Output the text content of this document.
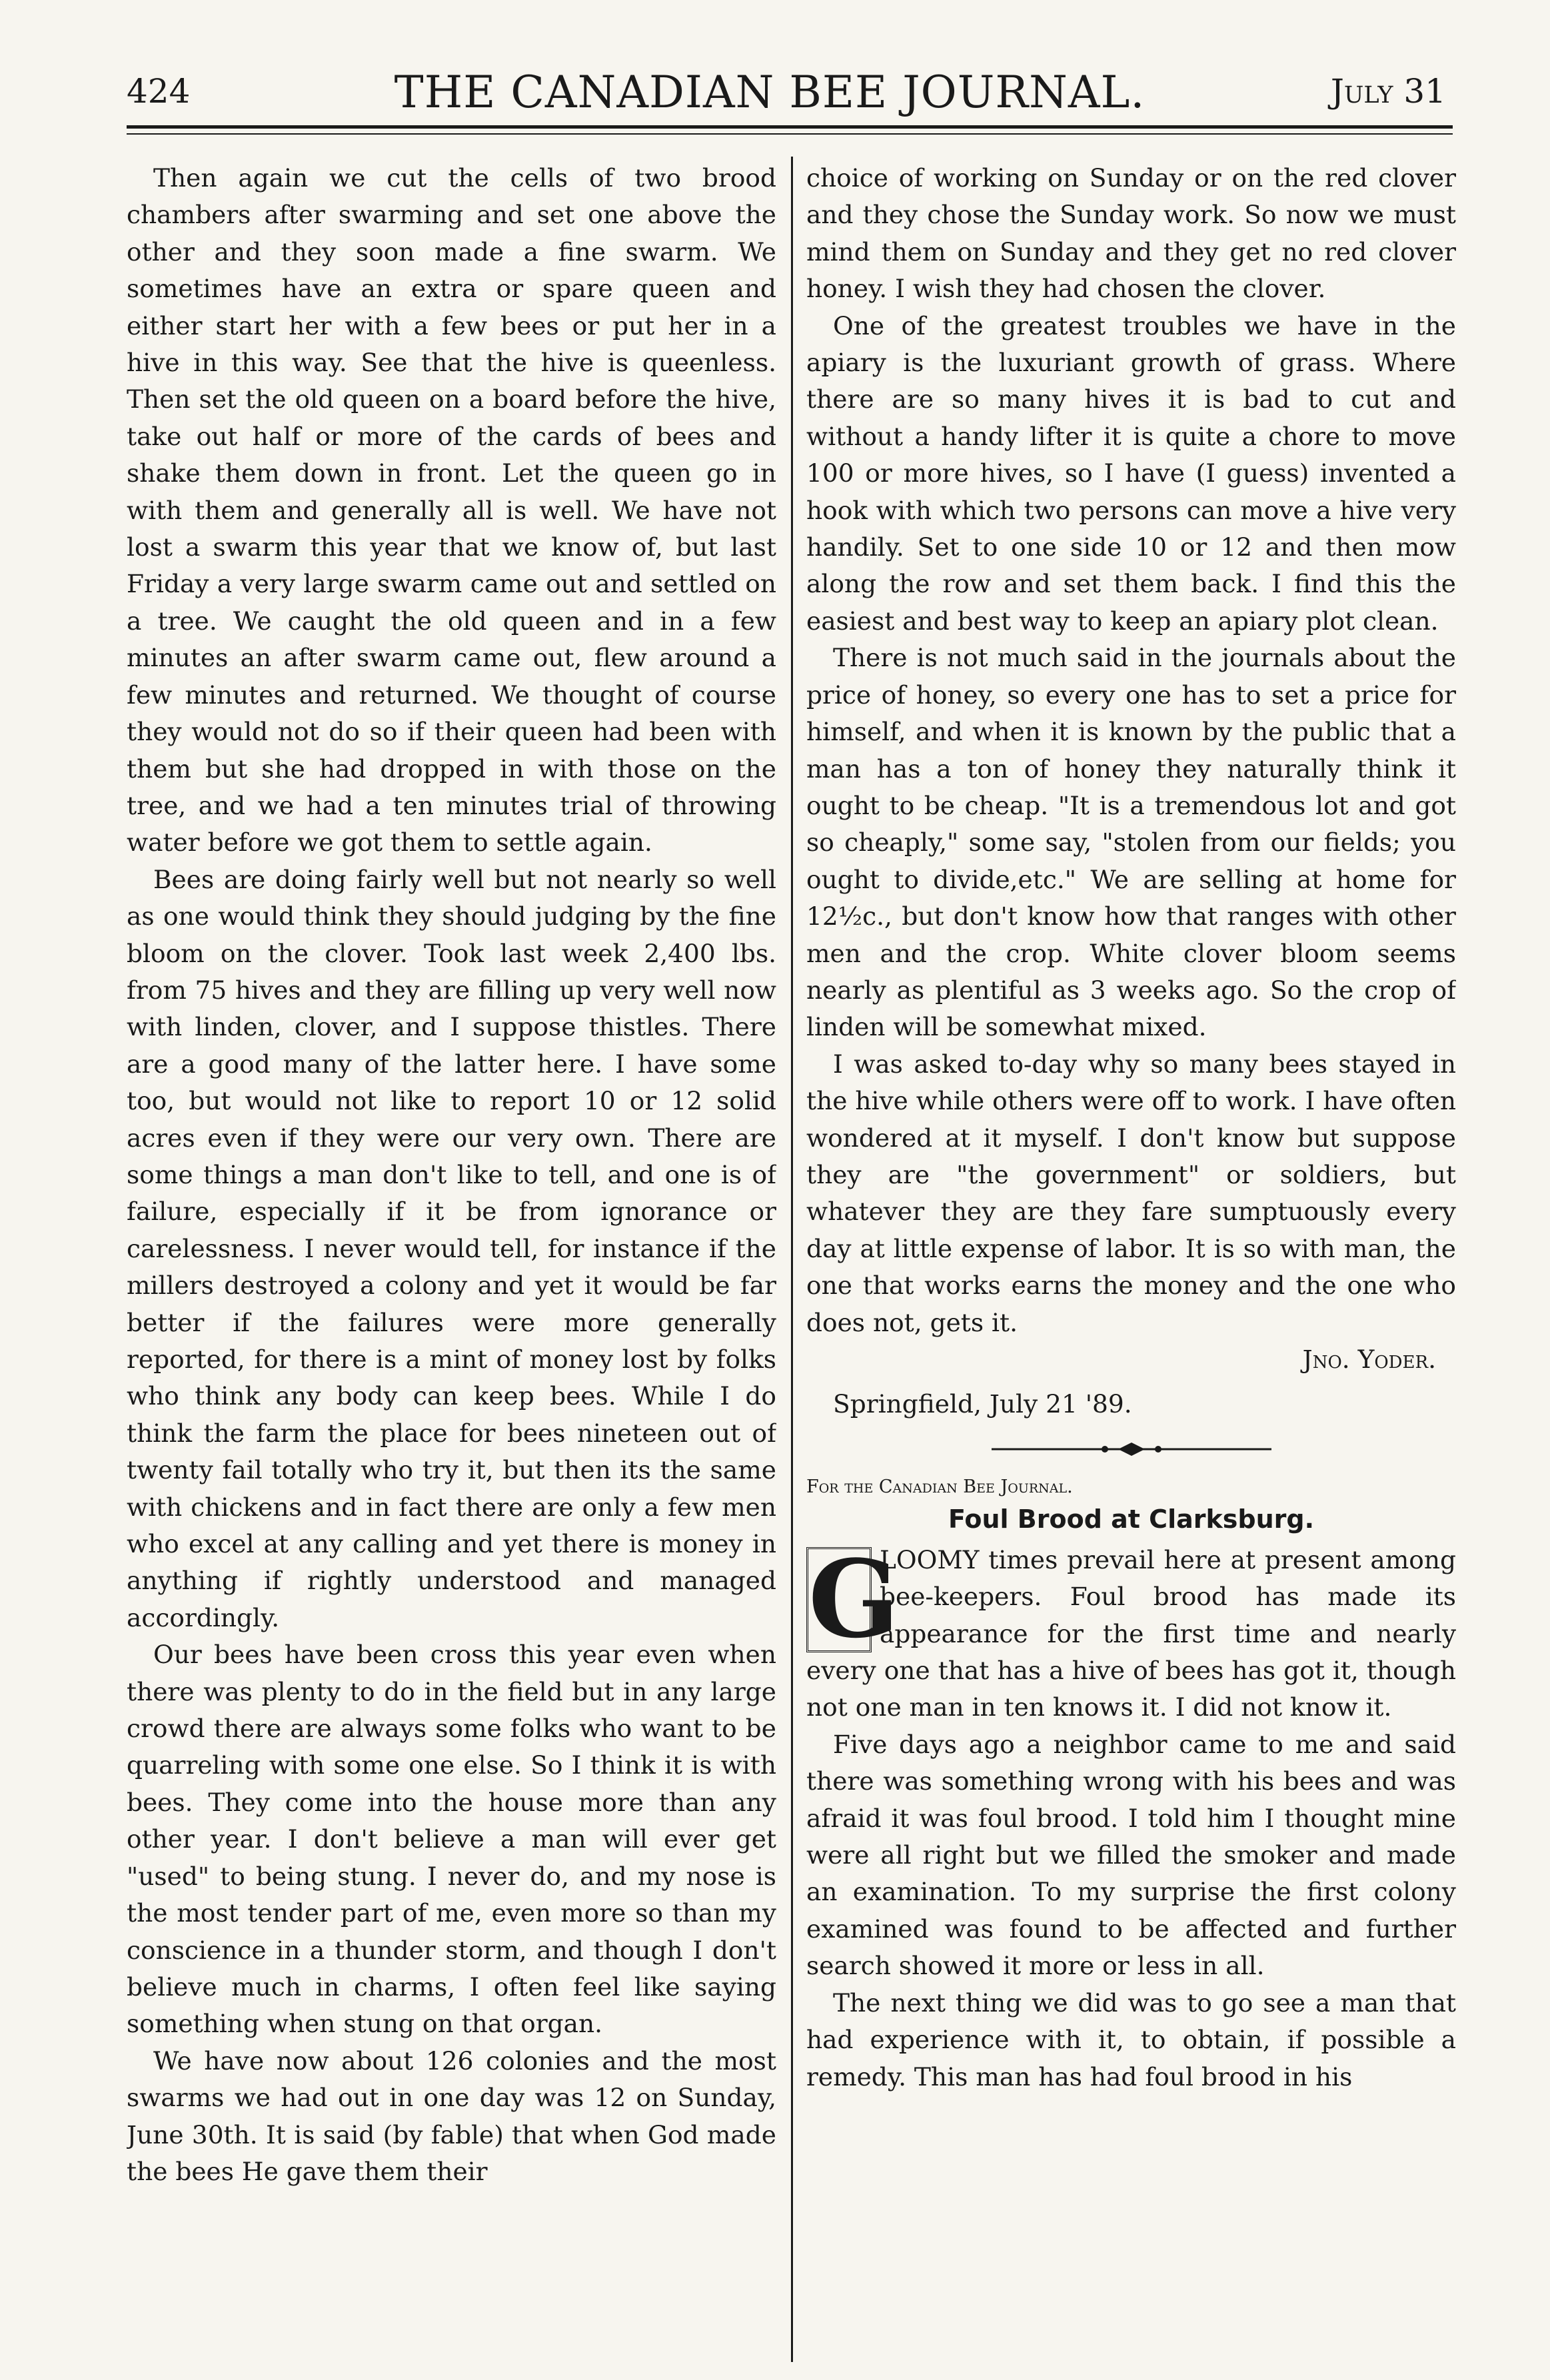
424	THE CANADIAN BEE JOURNAL.	July 31

Then again we cut the cells of two brood chambers after swarming and set one above the other and they soon made a fine swarm. We sometimes have an extra or spare queen and either start her with a few bees or put her in a hive in this way. See that the hive is queenless. Then set the old queen on a board before the hive, take out half or more of the cards of bees and shake them down in front. Let the queen go in with them and generally all is well. We have not lost a swarm this year that we know of, but last Friday a very large swarm came out and settled on a tree. We caught the old queen and in a few minutes an after swarm came out, flew around a few minutes and returned. We thought of course they would not do so if their queen had been with them but she had dropped in with those on the tree, and we had a ten minutes trial of throwing water before we got them to settle again.

Bees are doing fairly well but not nearly so well as one would think they should judging by the fine bloom on the clover. Took last week 2,400 lbs. from 75 hives and they are filling up very well now with linden, clover, and I suppose thistles. There are a good many of the latter here. I have some too, but would not like to report 10 or 12 solid acres even if they were our very own. There are some things a man don't like to tell, and one is of failure, especially if it be from ignorance or carelessness. I never would tell, for instance if the millers destroyed a colony and yet it would be far better if the failures were more generally reported, for there is a mint of money lost by folks who think any body can keep bees. While I do think the farm the place for bees nineteen out of twenty fail totally who try it, but then its the same with chickens and in fact there are only a few men who excel at any calling and yet there is money in anything if rightly understood and managed accordingly.

Our bees have been cross this year even when there was plenty to do in the field but in any large crowd there are always some folks who want to be quarreling with some one else. So I think it is with bees. They come into the house more than any other year. I don't believe a man will ever get "used" to being stung. I never do, and my nose is the most tender part of me, even more so than my conscience in a thunder storm, and though I don't believe much in charms, I often feel like saying something when stung on that organ.

We have now about 126 colonies and the most swarms we had out in one day was 12 on Sunday, June 30th. It is said (by fable) that when God made the bees He gave them their

choice of working on Sunday or on the red clover and they chose the Sunday work. So now we must mind them on Sunday and they get no red clover honey. I wish they had chosen the clover.

One of the greatest troubles we have in the apiary is the luxuriant growth of grass. Where there are so many hives it is bad to cut and without a handy lifter it is quite a chore to move 100 or more hives, so I have (I guess) invented a hook with which two persons can move a hive very handily. Set to one side 10 or 12 and then mow along the row and set them back. I find this the easiest and best way to keep an apiary plot clean.

There is not much said in the journals about the price of honey, so every one has to set a price for himself, and when it is known by the public that a man has a ton of honey they naturally think it ought to be cheap. "It is a tremendous lot and got so cheaply," some say, "stolen from our fields; you ought to divide,etc." We are selling at home for 12½c., but don't know how that ranges with other men and the crop. White clover bloom seems nearly as plentiful as 3 weeks ago. So the crop of linden will be somewhat mixed.

I was asked to-day why so many bees stayed in the hive while others were off to work. I have often wondered at it myself. I don't know but suppose they are "the government" or soldiers, but whatever they are they fare sumptuously every day at little expense of labor. It is so with man, the one that works earns the money and the one who does not, gets it.

Jno. Yoder.

Springfield, July 21 '89.

For the Canadian Bee Journal.

Foul Brood at Clarksburg.

G
LOOMY times prevail here at present among bee-keepers. Foul brood has made its appearance for the first time and nearly every one that has a hive of bees has got it, though not one man in ten knows it. I did not know it.

Five days ago a neighbor came to me and said there was something wrong with his bees and was afraid it was foul brood. I told him I thought mine were all right but we filled the smoker and made an examination. To my surprise the first colony examined was found to be affected and further search showed it more or less in all.

The next thing we did was to go see a man that had experience with it, to obtain, if possible a remedy. This man has had foul brood in his
